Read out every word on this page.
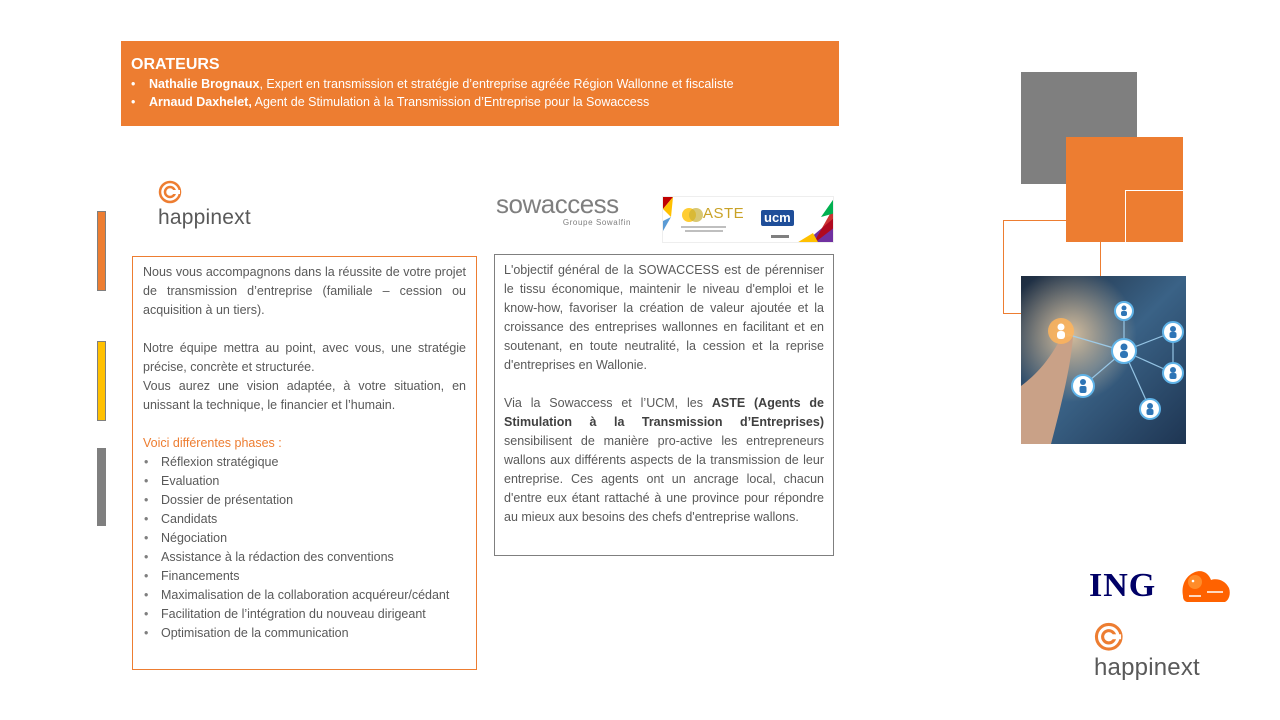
ORATEURS
• Nathalie Brognaux, Expert en transmission et stratégie d’entreprise agréée Région Wallonne et fiscaliste
• Arnaud Daxhelet, Agent de Stimulation à la Transmission d’Entreprise pour la Sowaccess
happinext

Nous vous accompagnons dans la réussite de votre projet de transmission d’entreprise (familiale – cession ou acquisition à un tiers).

Notre équipe mettra au point, avec vous, une stratégie précise, concrète et structurée.

Vous aurez une vision adaptée, à votre situation, en unissant la technique, le financier et l’humain.

Voici différentes phases :

• Réflexion stratégique
• Evaluation
• Dossier de présentation
• Candidats
• Négociation
• Assistance à la rédaction des conventions
• Financements
• Maximalisation de la collaboration acquéreur/cédant
• Facilitation de l’intégration du nouveau dirigeant
• Optimisation de la communication
sowaccess
Groupe Sowalfin
ASTE ucm

L'objectif général de la SOWACCESS est de pérenniser le tissu économique, maintenir le niveau d'emploi et le know-how, favoriser la création de valeur ajoutée et la croissance des entreprises wallonnes en facilitant et en soutenant, en toute neutralité, la cession et la reprise d'entreprises en Wallonie.

Via la Sowaccess et l’UCM, les ASTE (Agents de Stimulation à la Transmission d’Entreprises) sensibilisent de manière pro-active les entrepreneurs wallons aux différents aspects de la transmission de leur entreprise. Ces agents ont un ancrage local, chacun d'entre eux étant rattaché à une province pour répondre au mieux aux besoins des chefs d'entreprise wallons.

ING
happinext
